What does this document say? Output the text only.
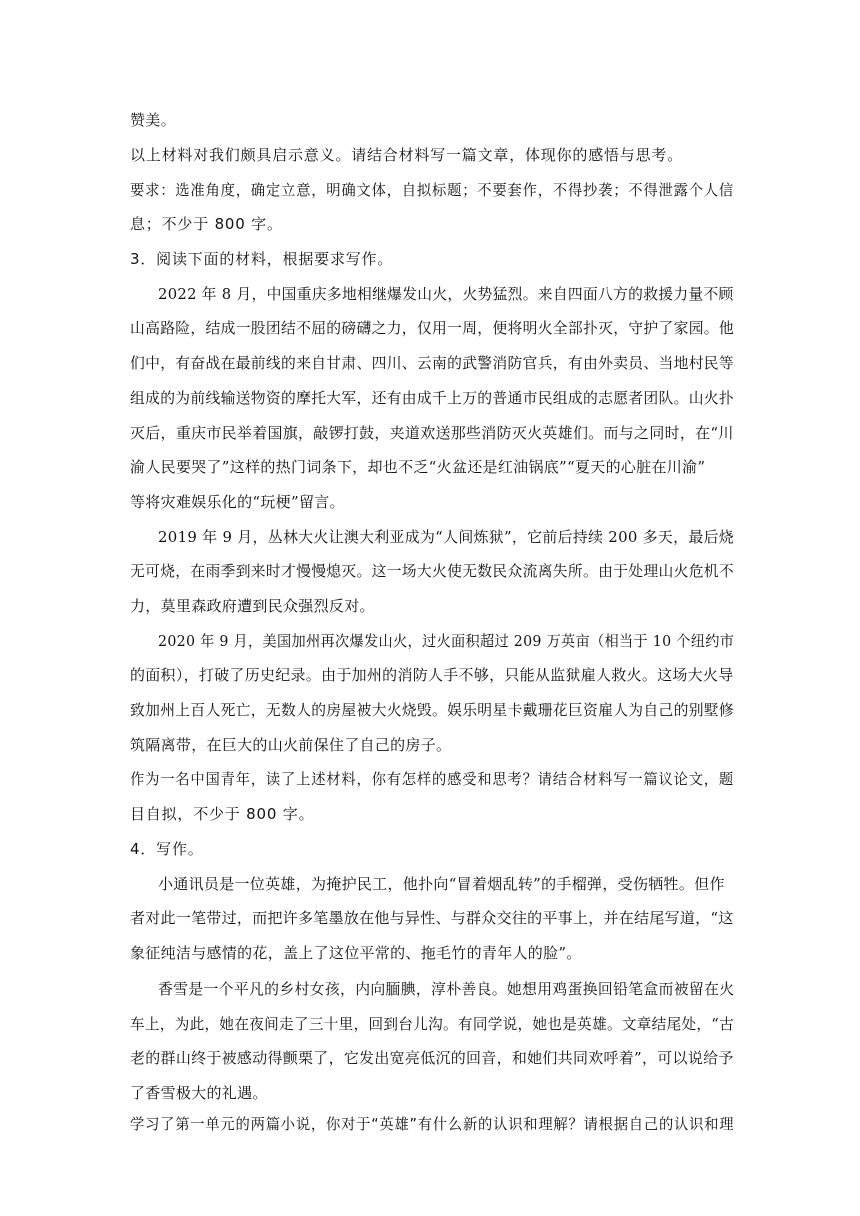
赞美。

以上材料对我们颇具启示意义。请结合材料写一篇文章，体现你的感悟与思考。

要求：选准角度，确定立意，明确文体，自拟标题；不要套作，不得抄袭；不得泄露个人信

息；不少于 800 字。

3．阅读下面的材料，根据要求写作。

2022 年 8 月，中国重庆多地相继爆发山火，火势猛烈。来自四面八方的救援力量不顾

山高路险，结成一股团结不屈的磅礴之力，仅用一周，便将明火全部扑灭，守护了家园。他

们中，有奋战在最前线的来自甘肃、四川、云南的武警消防官兵，有由外卖员、当地村民等

组成的为前线输送物资的摩托大军，还有由成千上万的普通市民组成的志愿者团队。山火扑

灭后，重庆市民举着国旗，敲锣打鼓，夹道欢送那些消防灭火英雄们。而与之同时，在“川

渝人民要哭了”这样的热门词条下，却也不乏“火盆还是红油锅底”“夏天的心脏在川渝”

等将灾难娱乐化的“玩梗”留言。

2019 年 9 月，丛林大火让澳大利亚成为“人间炼狱”，它前后持续 200 多天，最后烧

无可烧，在雨季到来时才慢慢熄灭。这一场大火使无数民众流离失所。由于处理山火危机不

力，莫里森政府遭到民众强烈反对。

2020 年 9 月，美国加州再次爆发山火，过火面积超过 209 万英亩（相当于 10 个纽约市

的面积），打破了历史纪录。由于加州的消防人手不够，只能从监狱雇人救火。这场大火导

致加州上百人死亡，无数人的房屋被大火烧毁。娱乐明星卡戴珊花巨资雇人为自己的别墅修

筑隔离带，在巨大的山火前保住了自己的房子。

作为一名中国青年，读了上述材料，你有怎样的感受和思考？请结合材料写一篇议论文，题

目自拟，不少于 800 字。

4．写作。

小通讯员是一位英雄，为掩护民工，他扑向“冒着烟乱转”的手榴弹，受伤牺牲。但作

者对此一笔带过，而把许多笔墨放在他与异性、与群众交往的平事上，并在结尾写道，“这

象征纯洁与感情的花，盖上了这位平常的、拖毛竹的青年人的脸”。

香雪是一个平凡的乡村女孩，内向腼腆，淳朴善良。她想用鸡蛋换回铅笔盒而被留在火

车上，为此，她在夜间走了三十里，回到台儿沟。有同学说，她也是英雄。文章结尾处，“古

老的群山终于被感动得颤栗了，它发出宽亮低沉的回音，和她们共同欢呼着”，可以说给予

了香雪极大的礼遇。

学习了第一单元的两篇小说，你对于“英雄”有什么新的认识和理解？请根据自己的认识和理
